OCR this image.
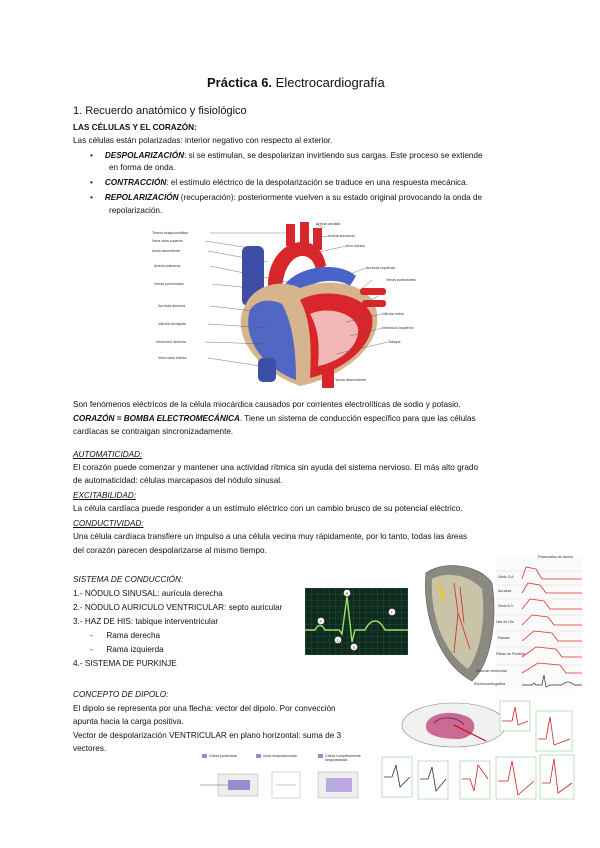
Práctica 6. Electrocardiografía
1. Recuerdo anatómico y fisiológico
LAS CÉLULAS Y EL CORAZÓN:
Las células están polarizadas: interior negativo con respecto al exterior.
• DESPOLARIZACIÓN: si se estimulan, se despolarizan invirtiendo sus cargas. Este proceso se extiende
en forma de onda.
• CONTRACCIÓN: el estímulo eléctrico de la despolarización se traduce en una respuesta mecánica.
• REPOLARIZACIÓN (recuperación): posteriormente vuelven a su estado original provocando la onda de
repolarización.
Tronco braquiocefálico
Vena cava superior
Aorta ascendente
Arteria pulmonar
Venas pulmonares
Aurícula derecha
Válvula tricúspide
Ventrículo derecho
Vena cava inferior
Arteria carótida
Arteria subclavia
Arco aórtico
Venas pulmonares
Aurícula izquierda
Válvula mitral
Ventrículo izquierdo
Tabique
Aorta descendente
Son fenómenos eléctricos de la célula miocárdica causados por corrientes electrolíticas de sodio y potasio.
CORAZÓN = BOMBA ELECTROMECÁNICA. Tiene un sistema de conducción específico para que las células
cardíacas se contraigan sincronizadamente.
AUTOMATICIDAD:
El corazón puede comenzar y mantener una actividad rítmica sin ayuda del sistema nervioso. El más alto grado
de automaticidad: células marcapasos del nódulo sinusal.
EXCITABILIDAD:
La célula cardíaca puede responder a un estímulo eléctrico con un cambio brusco de su potencial eléctrico.
CONDUCTIVIDAD:
Una célula cardíaca transfiere un impulso a una célula vecina muy rápidamente, por lo tanto, todas las áreas
del corazón parecen despolarizarse al mismo tiempo.
SISTEMA DE CONDUCCIÓN:
1.- NÓDULO SINUSAL: aurícula derecha
2.- NÓDULO AURICULO VENTRICULAR: septo auricular
3.- HAZ DE HIS: tabique interventricular
- Rama derecha
- Rama izquierda
4.- SISTEMA DE PURKINJE
P
Q
R
S
T
Potenciales de acción
Nodo S-A
Aurícula
Nodo A-V
Haz de His
Ramas
Fibras de Purkinje
Músculo ventricular
Electrocardiograma
CONCEPTO DE DIPOLO:
El dipolo se representa por una flecha: vector del dipolo. Por convección
apunta hacia la carga positiva.
Vector de despolarización VENTRICULAR en plano horizontal: suma de 3
vectores.
Célula polarizada	Inicio despolarización	Célula completamente despolarizada
